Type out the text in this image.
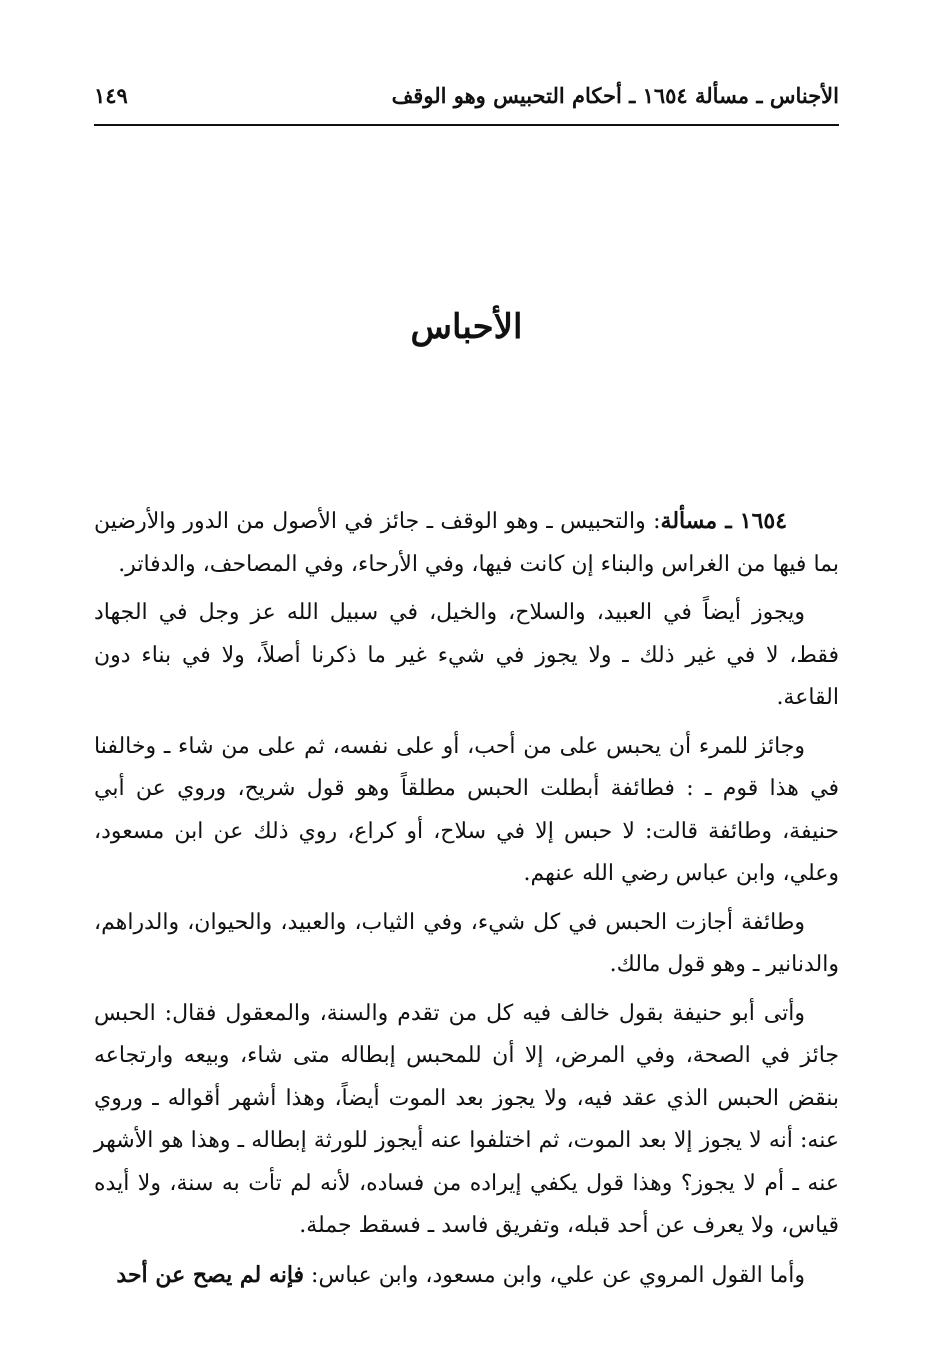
الأجناس ـ مسألة ١٦٥٤ ـ أحكام التحبيس وهو الوقف
١٤٩
الأحباس

١٦٥٤ ـ مسألة: والتحبيس ـ وهو الوقف ـ جائز في الأصول من الدور والأرضين بما فيها من الغراس والبناء إن كانت فيها، وفي الأرحاء، وفي المصاحف، والدفاتر.

ويجوز أيضاً في العبيد، والسلاح، والخيل، في سبيل الله عز وجل في الجهاد فقط، لا في غير ذلك ـ ولا يجوز في شيء غير ما ذكرنا أصلاً، ولا في بناء دون القاعة.

وجائز للمرء أن يحبس على من أحب، أو على نفسه، ثم على من شاء ـ وخالفنا في هذا قوم ـ : فطائفة أبطلت الحبس مطلقاً وهو قول شريح، وروي عن أبي حنيفة، وطائفة قالت: لا حبس إلا في سلاح، أو كراع، روي ذلك عن ابن مسعود، وعلي، وابن عباس رضي الله عنهم.

وطائفة أجازت الحبس في كل شيء، وفي الثياب، والعبيد، والحيوان، والدراهم، والدنانير ـ وهو قول مالك.

وأتى أبو حنيفة بقول خالف فيه كل من تقدم والسنة، والمعقول فقال: الحبس جائز في الصحة، وفي المرض، إلا أن للمحبس إبطاله متى شاء، وبيعه وارتجاعه بنقض الحبس الذي عقد فيه، ولا يجوز بعد الموت أيضاً، وهذا أشهر أقواله ـ وروي عنه: أنه لا يجوز إلا بعد الموت، ثم اختلفوا عنه أيجوز للورثة إبطاله ـ وهذا هو الأشهر عنه ـ أم لا يجوز؟ وهذا قول يكفي إيراده من فساده، لأنه لم تأت به سنة، ولا أيده قياس، ولا يعرف عن أحد قبله، وتفريق فاسد ـ فسقط جملة.

وأما القول المروي عن علي، وابن مسعود، وابن عباس: فإنه لم يصح عن أحد
